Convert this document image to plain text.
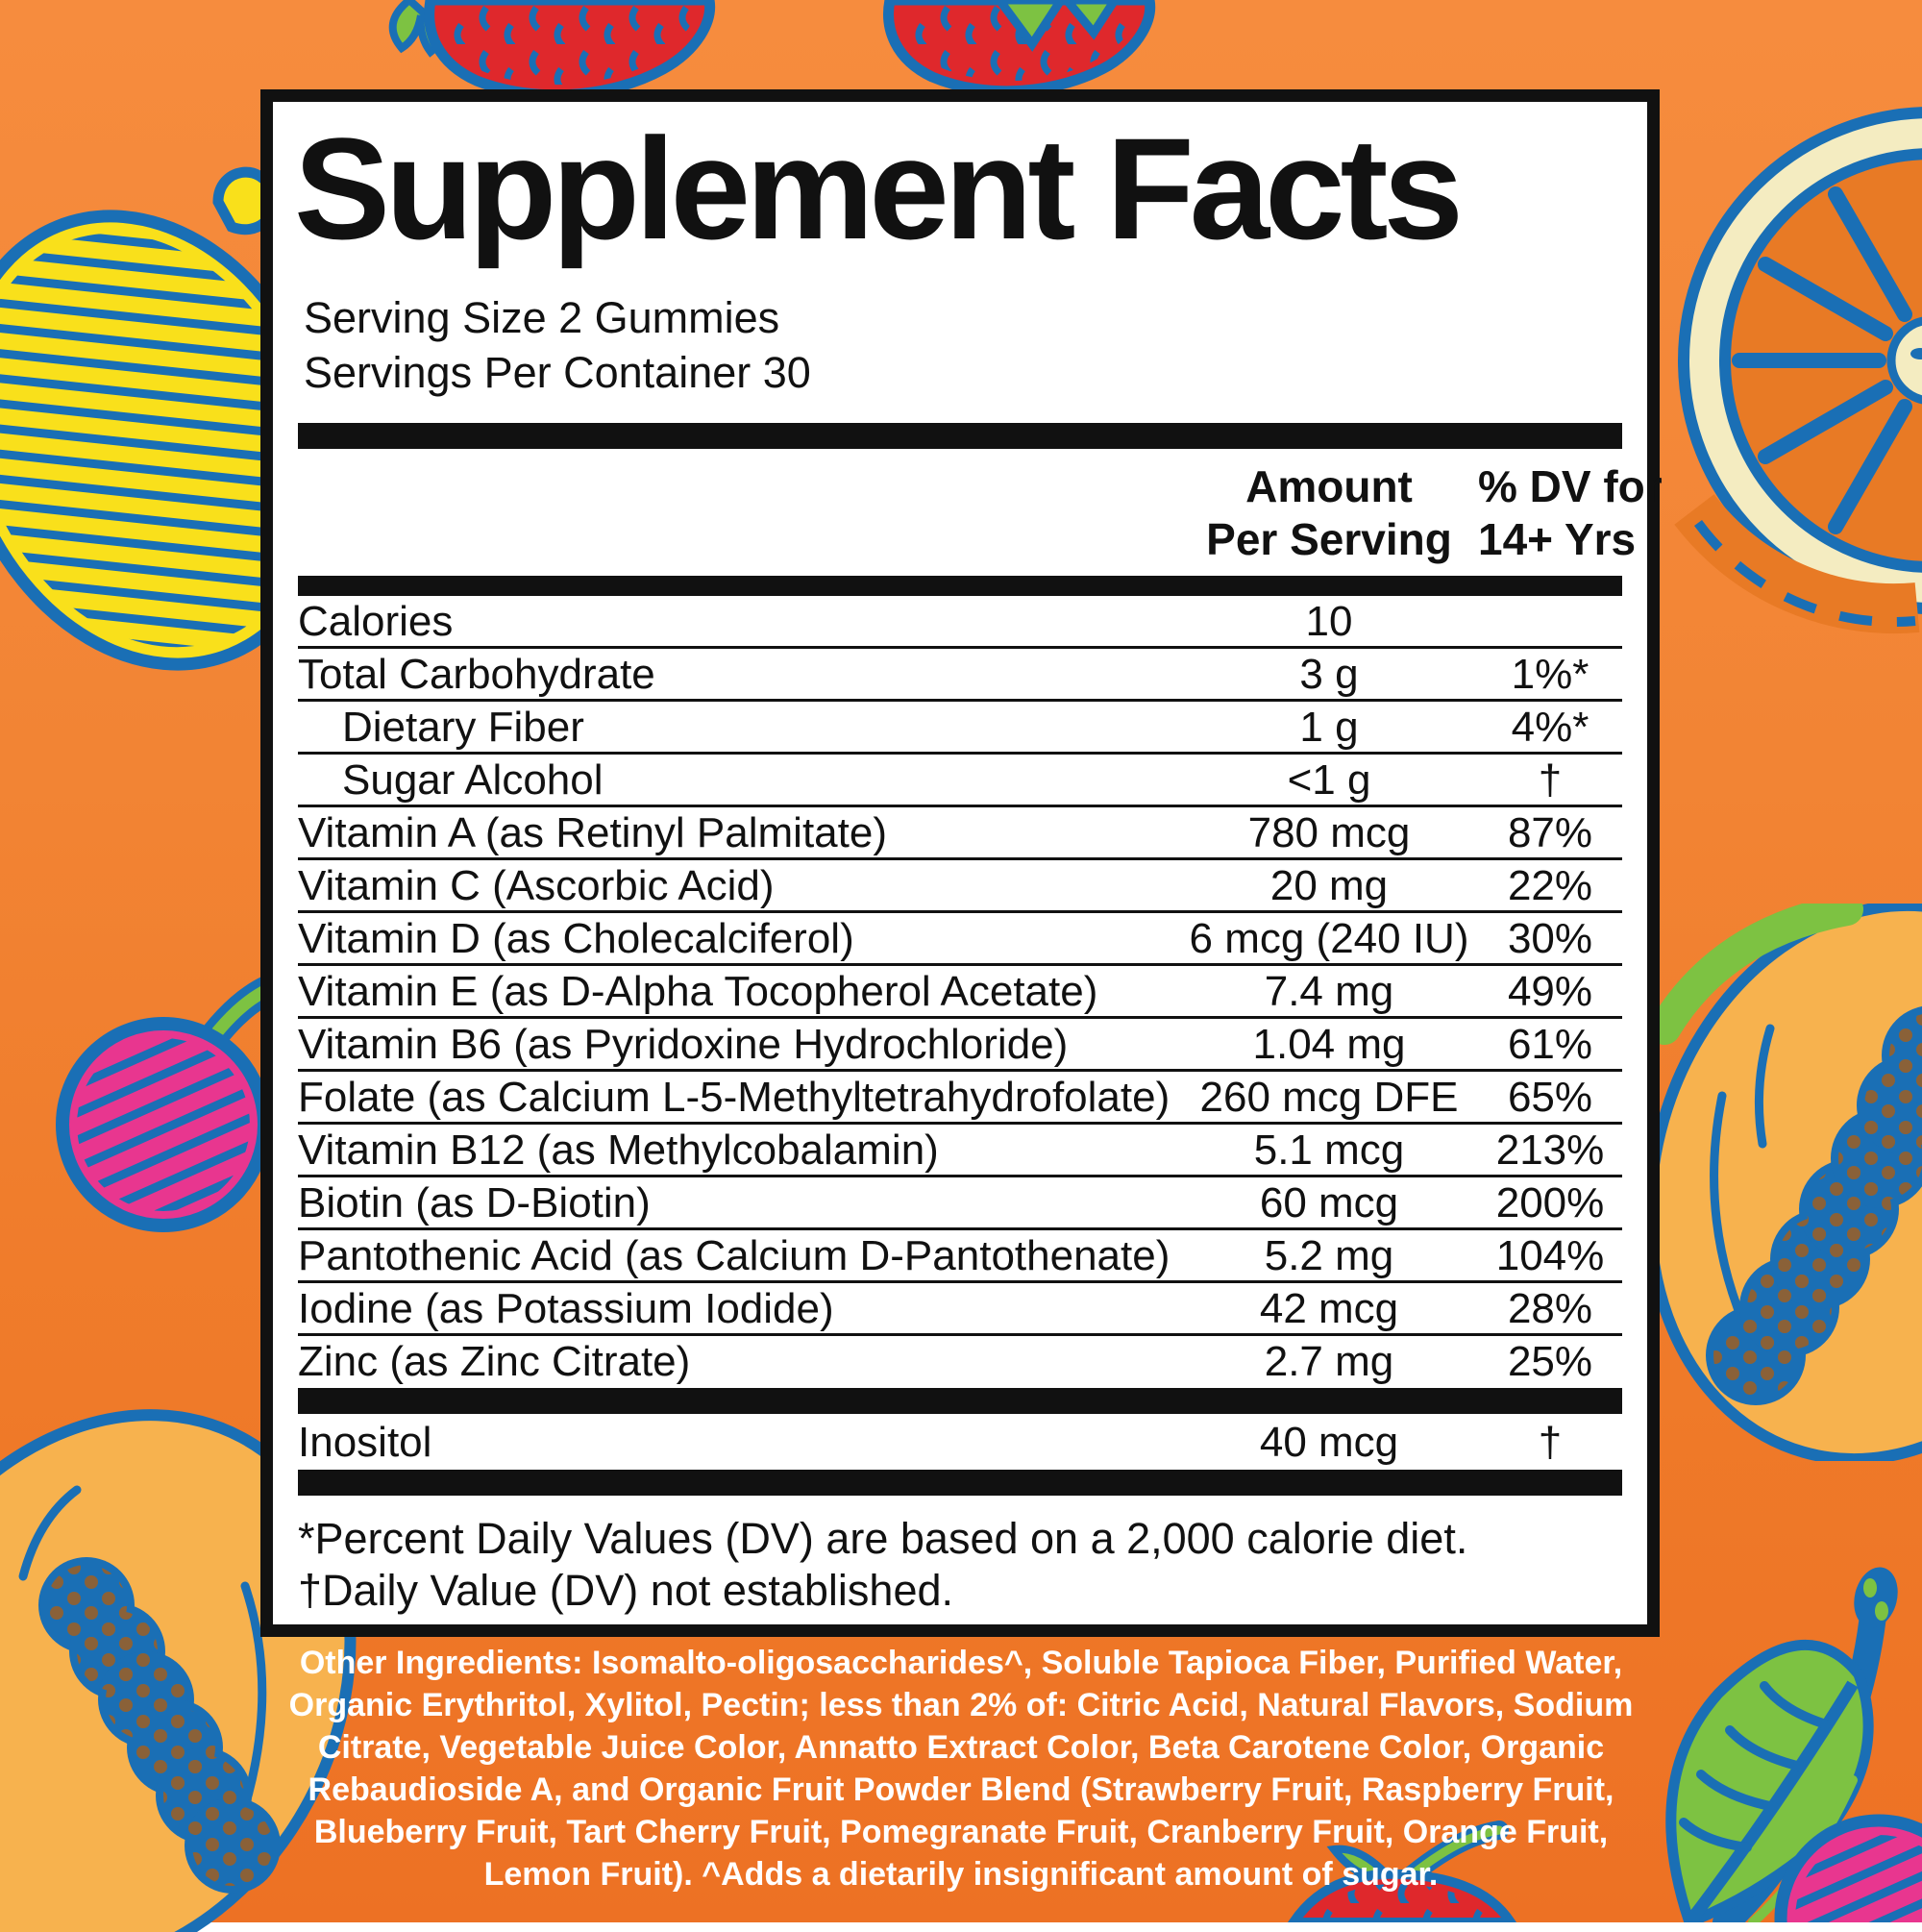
Supplement Facts
Serving Size 2 Gummies
Servings Per Container 30
Amount
Per Serving
% DV for
14+ Yrs
Calories	10
Total Carbohydrate	3 g	1%*
Dietary Fiber	1 g	4%*
Sugar Alcohol	<1 g	†
Vitamin A (as Retinyl Palmitate)	780 mcg	87%
Vitamin C (Ascorbic Acid)	20 mg	22%
Vitamin D (as Cholecalciferol)	6 mcg (240 IU) 30%
Vitamin E (as D-Alpha Tocopherol Acetate)	7.4 mg	49%
Vitamin B6 (as Pyridoxine Hydrochloride)	1.04 mg	61%
Folate (as Calcium L-5-Methyltetrahydrofolate) 260 mcg DFE	65%
Vitamin B12 (as Methylcobalamin)	5.1 mcg	213%
Biotin (as D-Biotin)	60 mcg	200%
Pantothenic Acid (as Calcium D-Pantothenate)	5.2 mg	104%
Iodine (as Potassium Iodide)	42 mcg	28%
Zinc (as Zinc Citrate)	2.7 mg	25%
Inositol	40 mcg	†
*Percent Daily Values (DV) are based on a 2,000 calorie diet.
†Daily Value (DV) not established.
Other Ingredients: Isomalto-oligosaccharides^, Soluble Tapioca Fiber, Purified Water, Organic Erythritol, Xylitol, Pectin; less than 2% of: Citric Acid, Natural Flavors, Sodium Citrate, Vegetable Juice Color, Annatto Extract Color, Beta Carotene Color, Organic Rebaudioside A, and Organic Fruit Powder Blend (Strawberry Fruit, Raspberry Fruit, Blueberry Fruit, Tart Cherry Fruit, Pomegranate Fruit, Cranberry Fruit, Orange Fruit, Lemon Fruit). ^Adds a dietarily insignificant amount of sugar.
